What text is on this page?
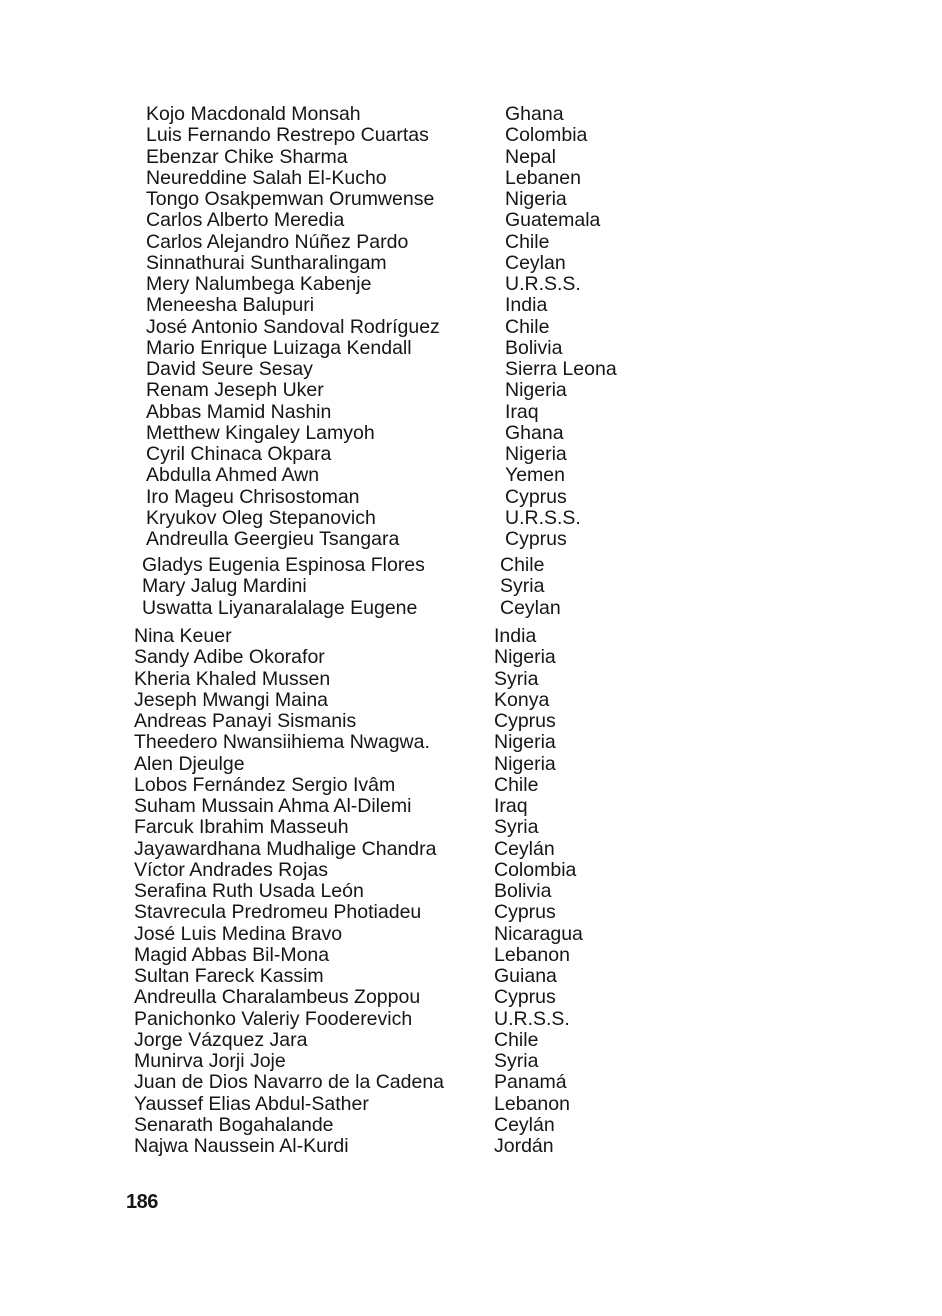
Kojo Macdonald Monsah	Ghana
Luis Fernando Restrepo Cuartas	Colombia
Ebenzar Chike Sharma	Nepal
Neureddine Salah El-Kucho	Lebanen
Tongo Osakpemwan Orumwense	Nigeria
Carlos Alberto Meredia	Guatemala
Carlos Alejandro Núñez Pardo	Chile
Sinnathurai Suntharalingam	Ceylan
Mery Nalumbega Kabenje	U.R.S.S.
Meneesha Balupuri	India
José Antonio Sandoval Rodríguez	Chile
Mario Enrique Luizaga Kendall	Bolivia
David Seure Sesay	Sierra Leona
Renam Jeseph Uker	Nigeria
Abbas Mamid Nashin	Iraq
Metthew Kingaley Lamyoh	Ghana
Cyril Chinaca Okpara	Nigeria
Abdulla Ahmed Awn	Yemen
Iro Mageu Chrisostoman	Cyprus
Kryukov Oleg Stepanovich	U.R.S.S.
Andreulla Geergieu Tsangara	Cyprus
Gladys Eugenia Espinosa Flores	Chile
Mary Jalug Mardini	Syria
Uswatta Liyanaralalage Eugene	Ceylan
Nina Keuer	India
Sandy Adibe Okorafor	Nigeria
Kheria Khaled Mussen	Syria
Jeseph Mwangi Maina	Konya
Andreas Panayi Sismanis	Cyprus
Theedero Nwansiihiema Nwagwa.	Nigeria
Alen Djeulge	Nigeria
Lobos Fernández Sergio Ivâm	Chile
Suham Mussain Ahma Al-Dilemi	Iraq
Farcuk Ibrahim Masseuh	Syria
Jayawardhana Mudhalige Chandra	Ceylán
Víctor Andrades Rojas	Colombia
Serafina Ruth Usada León	Bolivia
Stavrecula Predromeu Photiadeu	Cyprus
José Luis Medina Bravo	Nicaragua
Magid Abbas Bil-Mona	Lebanon
Sultan Fareck Kassim	Guiana
Andreulla Charalambeus Zoppou	Cyprus
Panichonko Valeriy Fooderevich	U.R.S.S.
Jorge Vázquez Jara	Chile
Munirva Jorji Joje	Syria
Juan de Dios Navarro de la Cadena	Panamá
Yaussef Elias Abdul-Sather	Lebanon
Senarath Bogahalande	Ceylán
Najwa Naussein Al-Kurdi	Jordán
186
